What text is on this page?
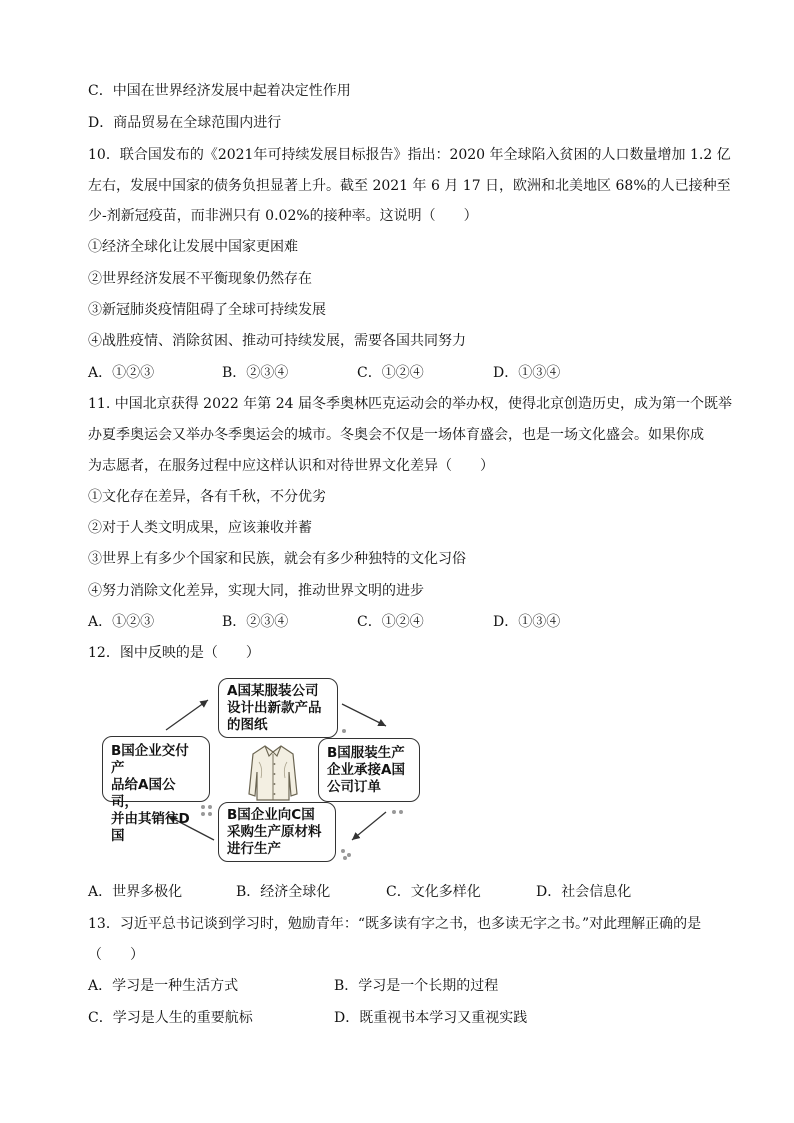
C．中国在世界经济发展中起着决定性作用
D．商品贸易在全球范围内进行
10．联合国发布的《2021年可持续发展目标报告》指出：2020 年全球陷入贫困的人口数量增加 1.2 亿
左右，发展中国家的债务负担显著上升。截至 2021 年 6 月 17 日，欧洲和北美地区 68%的人已接种至
少-剂新冠疫苗，而非洲只有 0.02%的接种率。这说明（　　）
①经济全球化让发展中国家更困难
②世界经济发展不平衡现象仍然存在
③新冠肺炎疫情阻碍了全球可持续发展
④战胜疫情、消除贫困、推动可持续发展，需要各国共同努力
A．①②③	B．②③④	C．①②④	D．①③④
11. 中国北京获得 2022 年第 24 届冬季奥林匹克运动会的举办权，使得北京创造历史，成为第一个既举
办夏季奥运会又举办冬季奥运会的城市。冬奥会不仅是一场体育盛会，也是一场文化盛会。如果你成
为志愿者，在服务过程中应这样认识和对待世界文化差异（　　）
①文化存在差异，各有千秋，不分优劣
②对于人类文明成果，应该兼收并蓄
③世界上有多少个国家和民族，就会有多少种独特的文化习俗
④努力消除文化差异，实现大同，推动世界文明的进步
A．①②③	B．②③④	C．①②④	D．①③④
12．图中反映的是（　　）
A国某服装公司
设计出新款产品
的图纸
B国服装生产
企业承接A国
公司订单
B国企业向C国
采购生产原材料
进行生产
B国企业交付产
品给A国公司，
并由其销往D国
A．世界多极化	B．经济全球化	C．文化多样化	D．社会信息化
13．习近平总书记谈到学习时，勉励青年：“既多读有字之书，也多读无字之书。”对此理解正确的是
（　　）
A．学习是一种生活方式	B．学习是一个长期的过程
C．学习是人生的重要航标	D．既重视书本学习又重视实践
